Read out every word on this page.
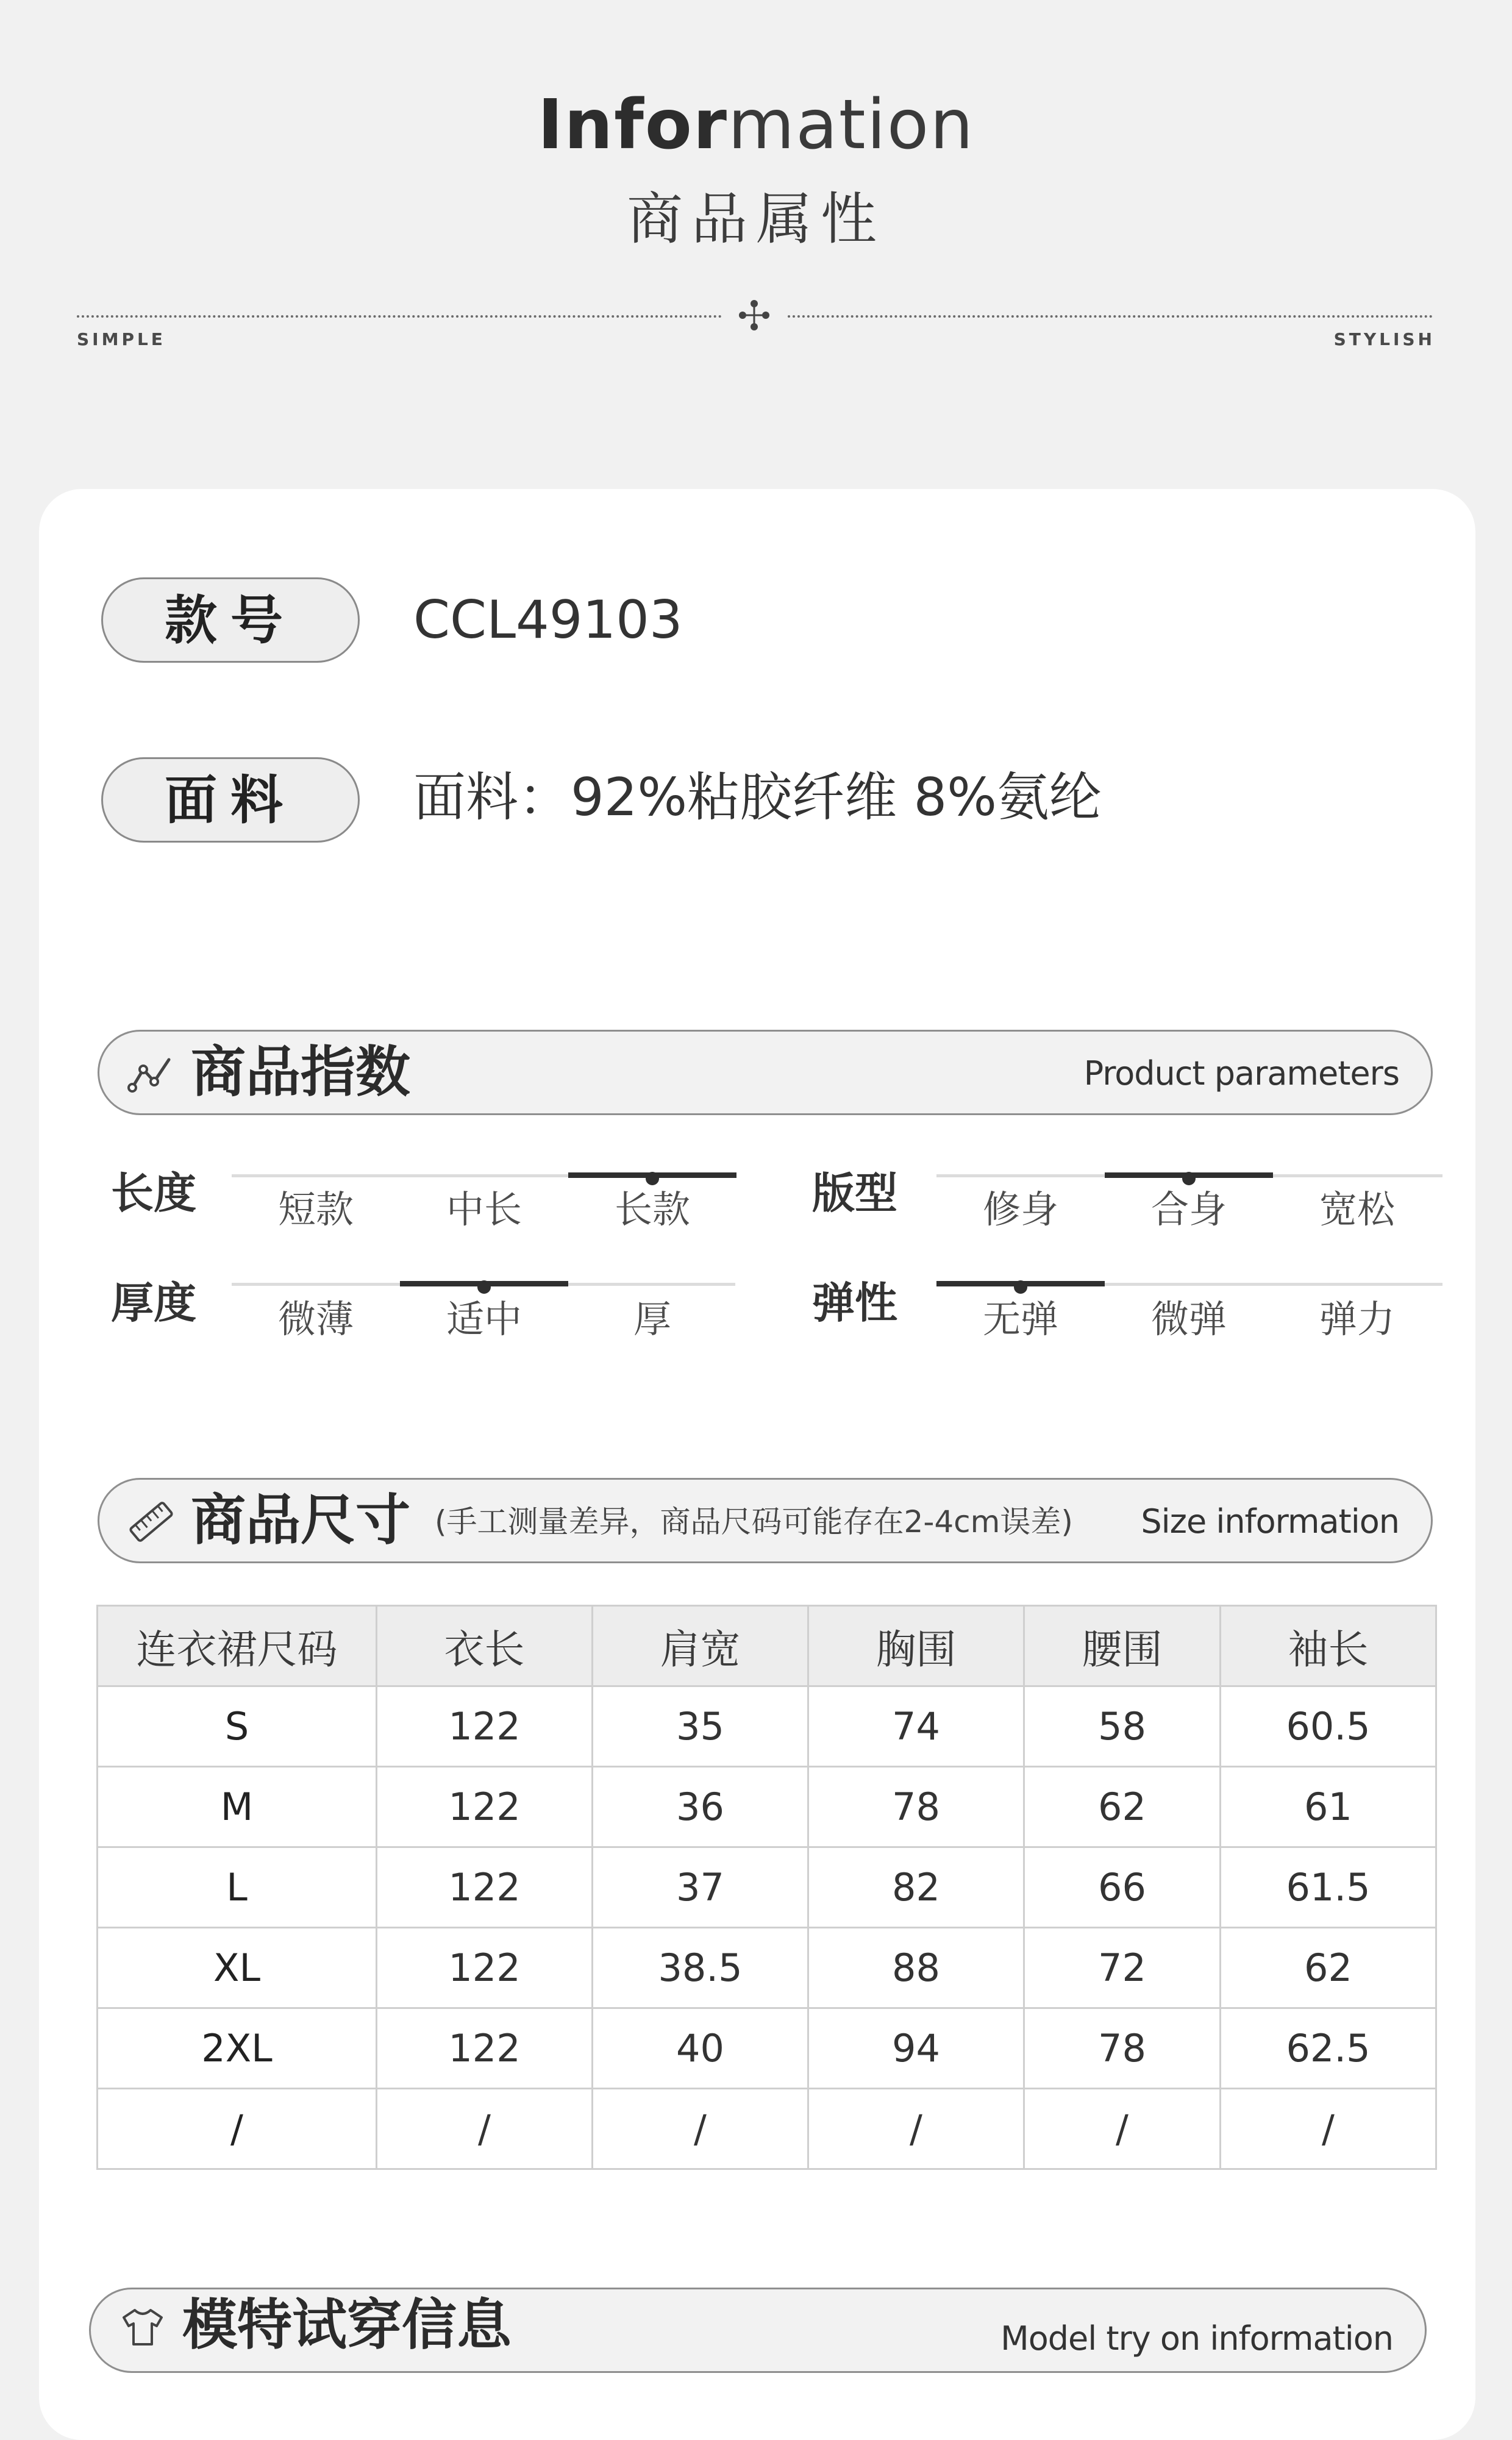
Information
商品属性
SIMPLE	STYLISH
款号	CCL49103
面料	面料：92%粘胶纤维 8%氨纶
商品指数	Product parameters
长度	短款	中长	长款	版型	修身	合身	宽松
厚度	微薄	适中	厚	弹性	无弹	微弹	弹力
商品尺寸 (手工测量差异，商品尺码可能存在2-4cm误差) Size information
连衣裙尺码	衣长	肩宽	胸围	腰围	袖长
S	122	35	74	58	60.5
M	122	36	78	62	61
L	122	37	82	66	61.5
XL	122	38.5	88	72	62
2XL	122	40	94	78	62.5
/	/	/	/	/	/
模特试穿信息	Model try on information
